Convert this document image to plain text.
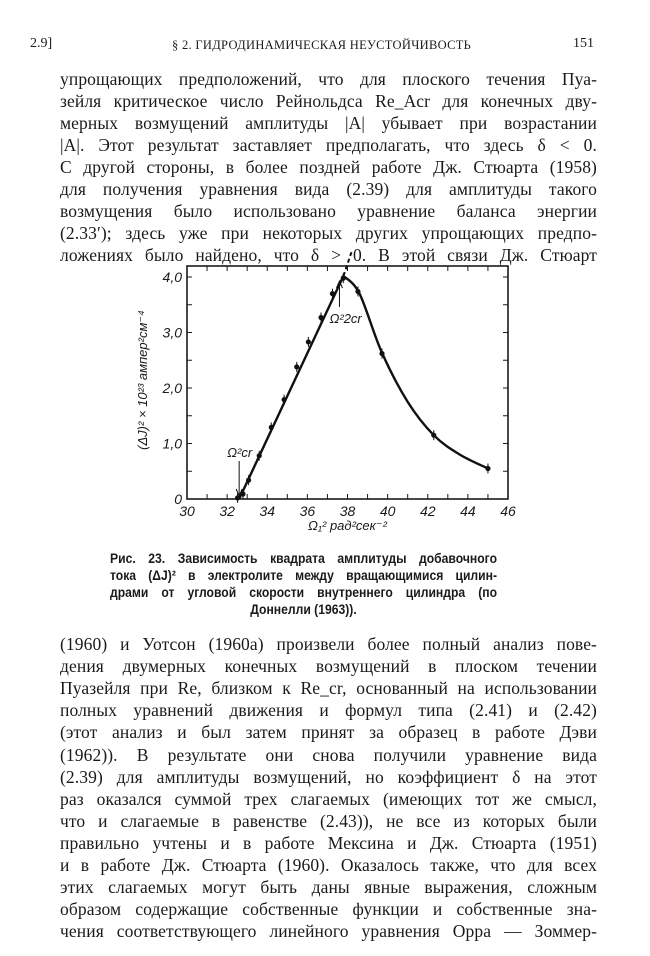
2.9]	§ 2. ГИДРОДИНАМИЧЕСКАЯ НЕУСТОЙЧИВОСТЬ	151
упрощающих предположений, что для плоского течения Пуа-
зейля критическое число Рейнольдса Re_Acr для конечных дву-
мерных возмущений амплитуды |A| убывает при возрастании
|A|. Этот результат заставляет предполагать, что здесь δ < 0.
С другой стороны, в более поздней работе Дж. Стюарта (1958)
для получения уравнения вида (2.39) для амплитуды такого
возмущения было использовано уравнение баланса энергии
(2.33′); здесь уже при некоторых других упрощающих предпо-
ложениях было найдено, что δ > 0. В этой связи Дж. Стюарт
30 32 34 36 38 40 42 44 46
0
1,0
2,0
3,0
4,0
Ω₁² рад²сек⁻²
(ΔJ)² × 10²³ ампер²см⁻⁴
Ω²cr
Ω²2cr
Рис. 23. Зависимость квадрата амплитуды добавочного
тока (ΔJ)² в электролите между вращающимися цилин-
драми от угловой скорости внутреннего цилиндра (по
Доннелли (1963)).
(1960) и Уотсон (1960а) произвели более полный анализ пове-
дения двумерных конечных возмущений в плоском течении
Пуазейля при Re, близком к Re_cr, основанный на использовании
полных уравнений движения и формул типа (2.41) и (2.42)
(этот анализ и был затем принят за образец в работе Дэви
(1962)). В результате они снова получили уравнение вида
(2.39) для амплитуды возмущений, но коэффициент δ на этот
раз оказался суммой трех слагаемых (имеющих тот же смысл,
что и слагаемые в равенстве (2.43)), не все из которых были
правильно учтены и в работе Мексина и Дж. Стюарта (1951)
и в работе Дж. Стюарта (1960). Оказалось также, что для всех
этих слагаемых могут быть даны явные выражения, сложным
образом содержащие собственные функции и собственные зна-
чения соответствующего линейного уравнения Орра — Зоммер-
